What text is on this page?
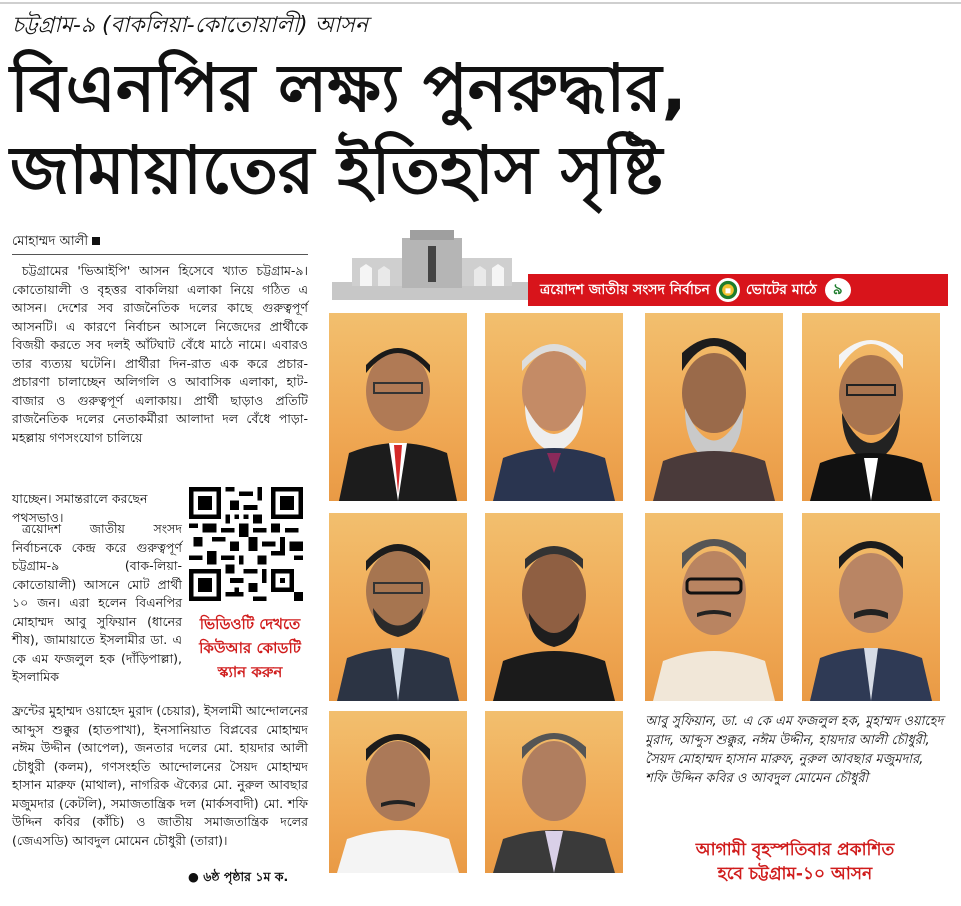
চট্টগ্রাম-৯ (বাকলিয়া-কোতোয়ালী) আসন
বিএনপির লক্ষ্য পুনরুদ্ধার,
জামায়াতের ইতিহাস সৃষ্টি
মোহাম্মদ আলী

চট্টগ্রামের 'ভিআইপি' আসন হিসেবে খ্যাত চট্টগ্রাম-৯। কোতোয়ালী ও বৃহত্তর বাকলিয়া এলাকা নিয়ে গঠিত এ আসন। দেশের সব রাজনৈতিক দলের কাছে গুরুত্বপূর্ণ আসনটি। এ কারণে নির্বাচন আসলে নিজেদের প্রার্থীকে বিজয়ী করতে সব দলই আঁটঘাট বেঁধে মাঠে নামে। এবারও তার ব্যত্যয় ঘটেনি। প্রার্থীরা দিন-রাত এক করে প্রচার-প্রচারণা চালাচ্ছেন অলিগলি ও আবাসিক এলাকা, হাট-বাজার ও গুরুত্বপূর্ণ এলাকায়। প্রার্থী ছাড়াও প্রতিটি রাজনৈতিক দলের নেতাকর্মীরা আলাদা দল বেঁধে পাড়া-মহল্লায় গণসংযোগ চালিয়ে

যাচ্ছেন। সমান্তরালে করছেন পথসভাও।

ত্রয়োদশ জাতীয় সংসদ নির্বাচনকে কেন্দ্র করে গুরুত্বপূর্ণ চট্টগ্রাম-৯ (বাক-লিয়া-কোতোয়ালী) আসনে মোট প্রার্থী ১০ জন। এরা হলেন বিএনপির মোহাম্মদ আবু সুফিয়ান (ধানের শীষ), জামায়াতে ইসলামীর ডা. এ কে এম ফজলুল হক (দাঁড়িপাল্লা), ইসলামিক

ফ্রন্টের মুহাম্মদ ওয়াহেদ মুরাদ (চেয়ার), ইসলামী আন্দোলনের আব্দুস শুক্কুর (হাতপাখা), ইনসানিয়াত বিপ্লবের মোহাম্মদ নঈম উদ্দীন (আপেল), জনতার দলের মো. হায়দার আলী চৌধুরী (কলম), গণসংহতি আন্দোলনের সৈয়দ মোহাম্মদ হাসান মারুফ (মাথাল), নাগরিক ঐক্যের মো. নুরুল আবছার মজুমদার (কেটলি), সমাজতান্ত্রিক দল (মার্কসবাদী) মো. শফি উদ্দিন কবির (কাঁচি) ও জাতীয় সমাজতান্ত্রিক দলের (জেএসডি) আবদুল মোমেন চৌধুরী (তারা)।
● ৬ষ্ঠ পৃষ্ঠার ১ম ক.
ভিডিওটি দেখতে
কিউআর কোডটি
স্ক্যান করুন
ত্রয়োদশ জাতীয় সংসদ নির্বাচন	ভোটের মাঠে	৯
আবু সুফিয়ান, ডা. এ কে এম ফজলুল হক, মুহাম্মদ ওয়াহেদ মুরাদ, আব্দুস শুক্কুর, নঈম উদ্দীন, হায়দার আলী চৌধুরী, সৈয়দ মোহাম্মদ হাসান মারুফ, নুরুল আবছার মজুমদার, শফি উদ্দিন কবির ও আবদুল মোমেন চৌধুরী
আগামী বৃহস্পতিবার প্রকাশিত
হবে চট্টগ্রাম-১০ আসন
